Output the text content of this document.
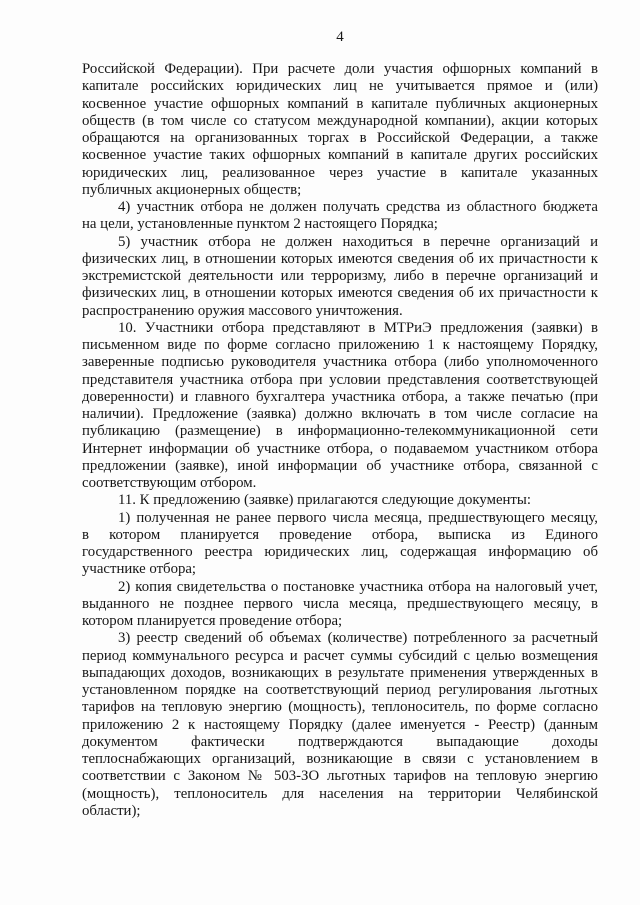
4
Российской Федерации). При расчете доли участия офшорных компаний в
капитале российских юридических лиц не учитывается прямое и (или)
косвенное участие офшорных компаний в капитале публичных акционерных
обществ (в том числе со статусом международной компании), акции которых
обращаются на организованных торгах в Российской Федерации, а также
косвенное участие таких офшорных компаний в капитале других российских
юридических лиц, реализованное через участие в капитале указанных
публичных акционерных обществ;
4) участник отбора не должен получать средства из областного бюджета
на цели, установленные пунктом 2 настоящего Порядка;
5) участник отбора не должен находиться в перечне организаций и
физических лиц, в отношении которых имеются сведения об их причастности к
экстремистской деятельности или терроризму, либо в перечне организаций и
физических лиц, в отношении которых имеются сведения об их причастности к
распространению оружия массового уничтожения.
10. Участники отбора представляют в МТРиЭ предложения (заявки) в
письменном виде по форме согласно приложению 1 к настоящему Порядку,
заверенные подписью руководителя участника отбора (либо уполномоченного
представителя участника отбора при условии представления соответствующей
доверенности) и главного бухгалтера участника отбора, а также печатью (при
наличии). Предложение (заявка) должно включать в том числе согласие на
публикацию (размещение) в информационно-телекоммуникационной сети
Интернет информации об участнике отбора, о подаваемом участником отбора
предложении (заявке), иной информации об участнике отбора, связанной с
соответствующим отбором.
11. К предложению (заявке) прилагаются следующие документы:
1) полученная не ранее первого числа месяца, предшествующего месяцу,
в котором планируется проведение отбора, выписка из Единого
государственного реестра юридических лиц, содержащая информацию об
участнике отбора;
2) копия свидетельства о постановке участника отбора на налоговый учет,
выданного не позднее первого числа месяца, предшествующего месяцу, в
котором планируется проведение отбора;
3) реестр сведений об объемах (количестве) потребленного за расчетный
период коммунального ресурса и расчет суммы субсидий с целью возмещения
выпадающих доходов, возникающих в результате применения утвержденных в
установленном порядке на соответствующий период регулирования льготных
тарифов на тепловую энергию (мощность), теплоноситель, по форме согласно
приложению 2 к настоящему Порядку (далее именуется - Реестр) (данным
документом фактически подтверждаются выпадающие доходы
теплоснабжающих организаций, возникающие в связи с установлением в
соответствии с Законом № 503-ЗО льготных тарифов на тепловую энергию
(мощность), теплоноситель для населения на территории Челябинской
области);
